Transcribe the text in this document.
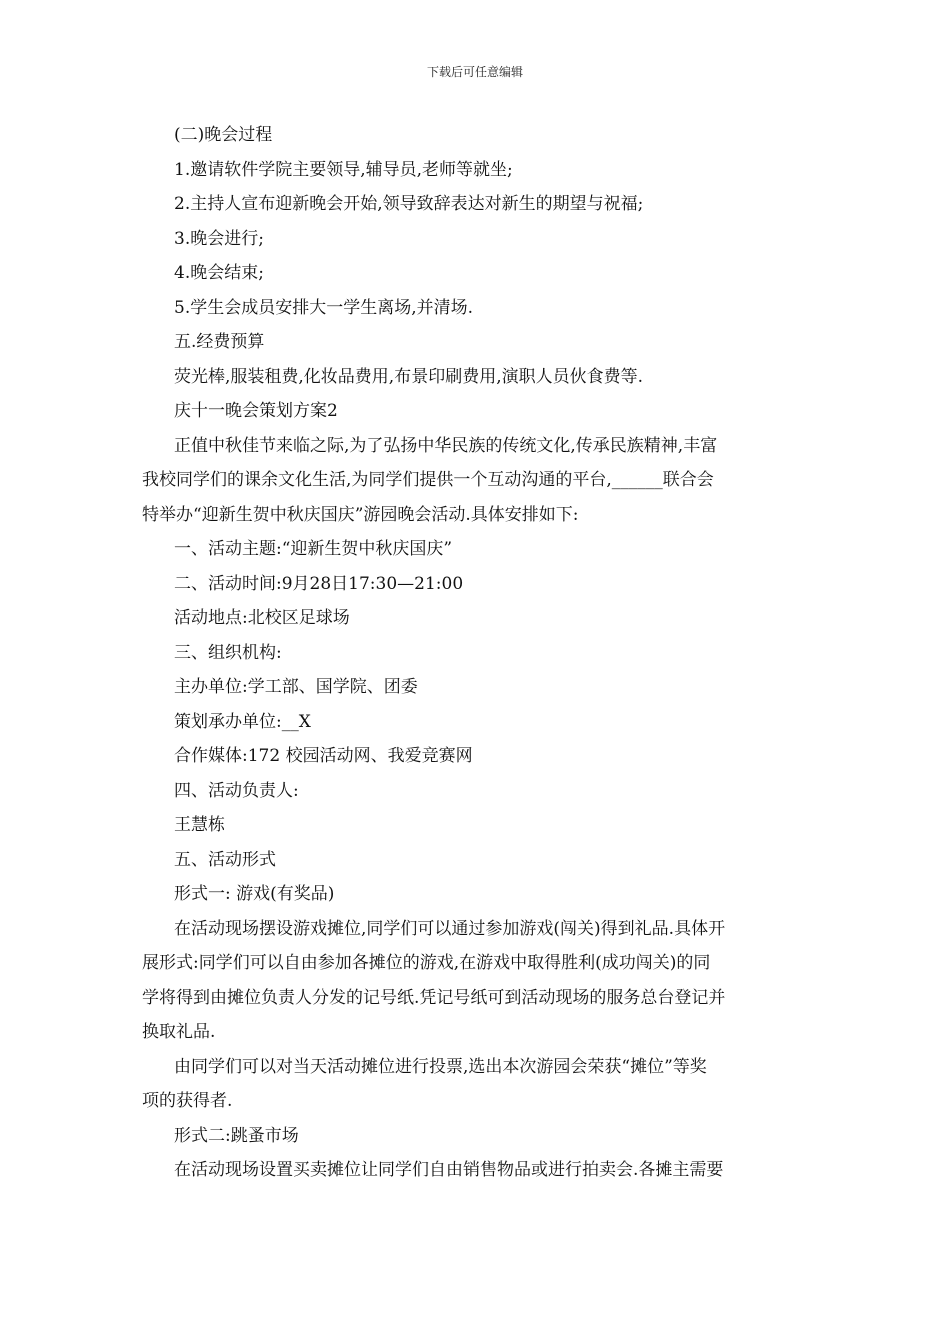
下载后可任意编辑
(二)晚会过程
1.邀请软件学院主要领导,辅导员,老师等就坐;
2.主持人宣布迎新晚会开始,领导致辞表达对新生的期望与祝福;
3.晚会进行;
4.晚会结束;
5.学生会成员安排大一学生离场,并清场.
五.经费预算
荧光棒,服装租费,化妆品费用,布景印刷费用,演职人员伙食费等.
庆十一晚会策划方案2
正值中秋佳节来临之际,为了弘扬中华民族的传统文化,传承民族精神,丰富
我校同学们的课余文化生活,为同学们提供一个互动沟通的平台,______联合会
特举办“迎新生贺中秋庆国庆”游园晚会活动.具体安排如下:
一、活动主题:“迎新生贺中秋庆国庆”
二、活动时间:9月28日17:30—21:00
活动地点:北校区足球场
三、组织机构:
主办单位:学工部、国学院、团委
策划承办单位:__X
合作媒体:172 校园活动网、我爱竞赛网
四、活动负责人:
王慧栋
五、活动形式
形式一: 游戏(有奖品)
在活动现场摆设游戏摊位,同学们可以通过参加游戏(闯关)得到礼品.具体开
展形式:同学们可以自由参加各摊位的游戏,在游戏中取得胜利(成功闯关)的同
学将得到由摊位负责人分发的记号纸.凭记号纸可到活动现场的服务总台登记并
换取礼品.
由同学们可以对当天活动摊位进行投票,选出本次游园会荣获“摊位”等奖
项的获得者.
形式二:跳蚤市场
在活动现场设置买卖摊位让同学们自由销售物品或进行拍卖会.各摊主需要
